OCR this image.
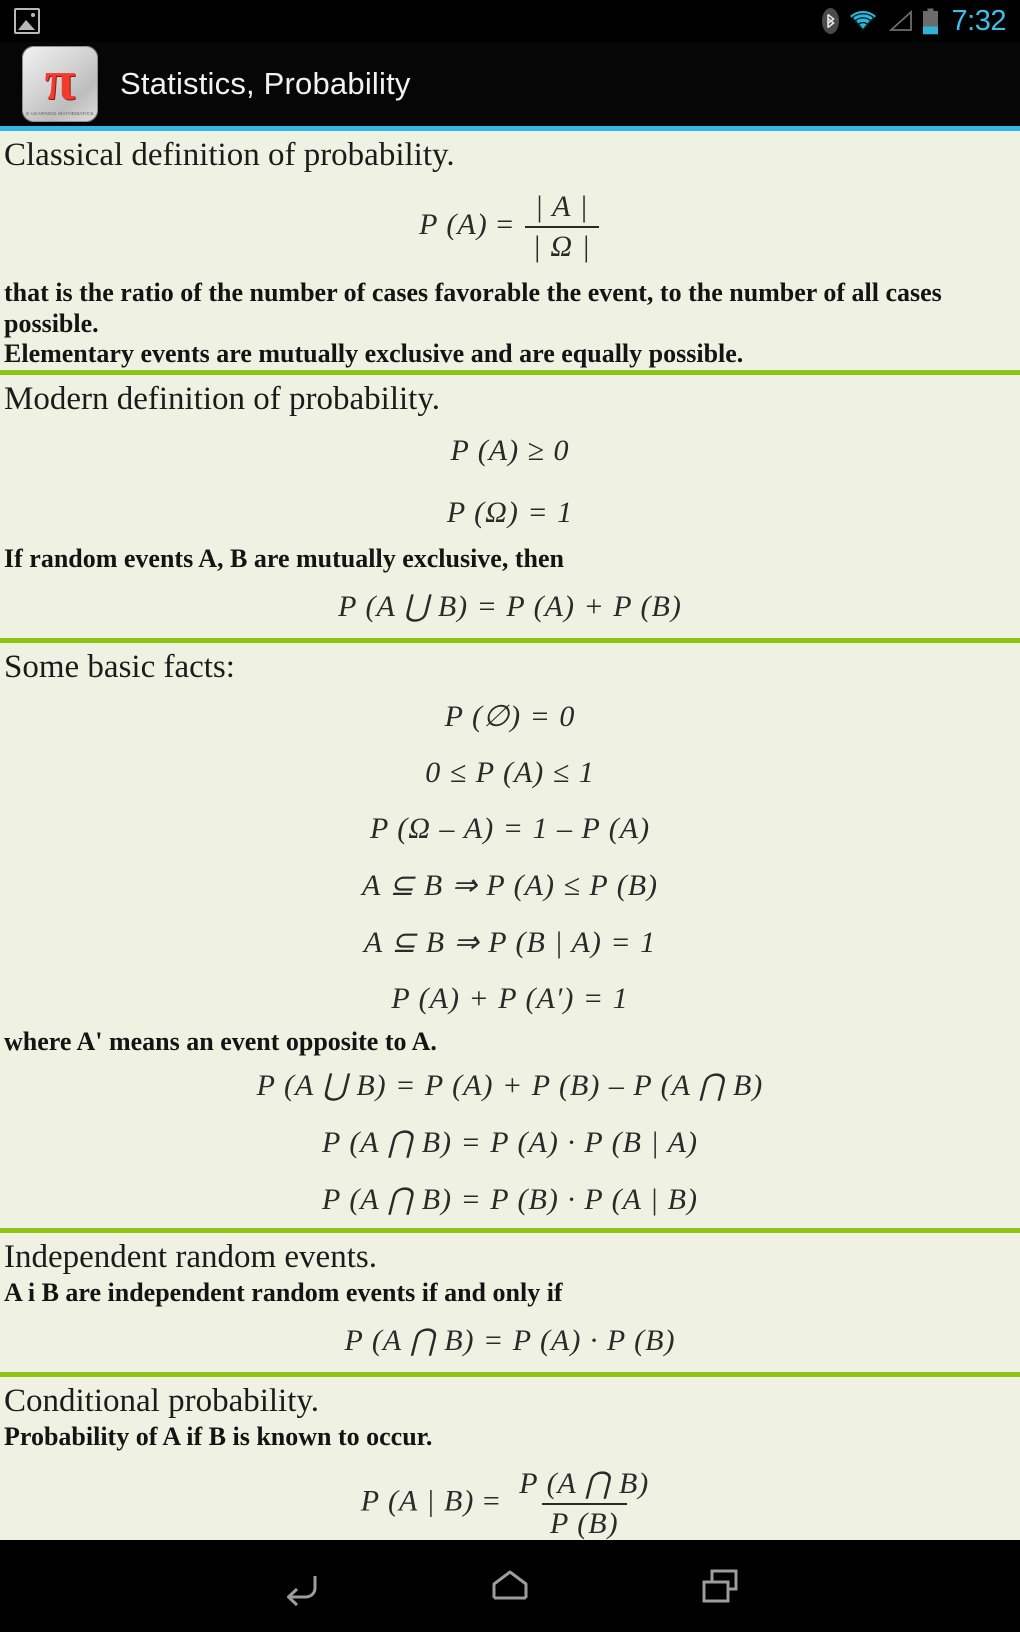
7:32
π
E-LEARNING MATHEMATICS
Statistics, Probability
Classical definition of probability.
P $(A) = \frac{| A |}{| \Omega |}$

that is the ratio of the number of cases favorable the event, to the number of all cases possible.

Elementary events are mutually exclusive and are equally possible.

Modern definition of probability.
P (A) ≥ 0
P (Ω) = 1

If random events A, B are mutually exclusive, then

P (A ⋃ B) = P (A) + P (B)
Some basic facts:
P (∅) = 0
0 ≤ P (A) ≤ 1
P (Ω – A) = 1 – P (A)
A ⊆ B ⇒ P (A) ≤ P (B)
A ⊆ B ⇒ P (B | A) = 1
P (A) + P (A′) = 1

where A' means an event opposite to A.

P (A ⋃ B) = P (A) + P (B) – P (A ⋂ B)
P (A ⋂ B) = P (A) · P (B | A)
P (A ⋂ B) = P (B) · P (A | B)
Independent random events.

A i B are independent random events if and only if

P (A ⋂ B) = P (A) · P (B)
Conditional probability.

Probability of A if B is known to occur.

P (A | $B) = \frac{P (A ⋂ B)}{P (B)}$
